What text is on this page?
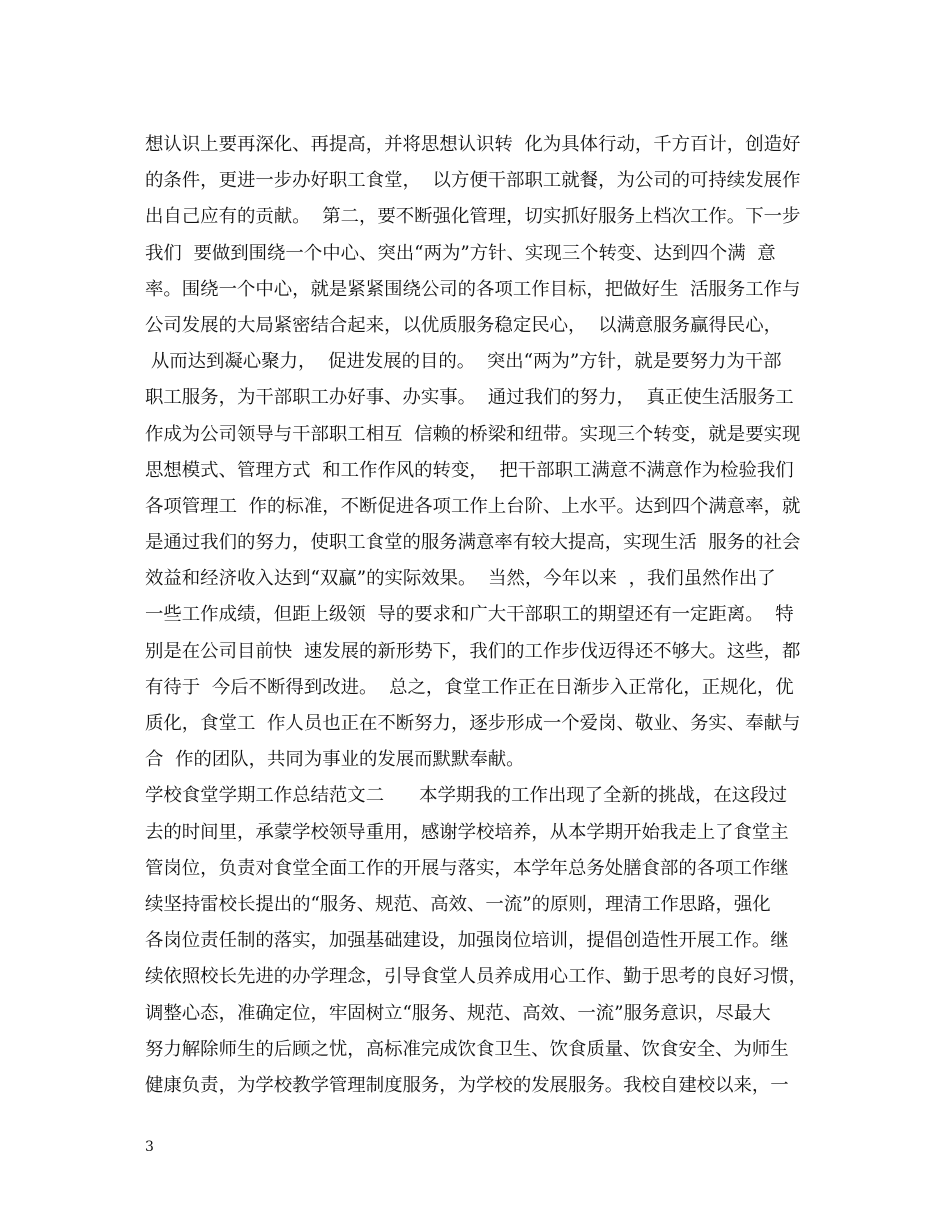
想认识上要再深化、再提高，并将思想认识转  化为具体行动，千方百计，创造好
的条件，更进一步办好职工食堂，  以方便干部职工就餐，为公司的可持续发展作
出自己应有的贡献。  第二，要不断强化管理，切实抓好服务上档次工作。下一步
我们  要做到围绕一个中心、突出“两为”方针、实现三个转变、达到四个满  意
率。围绕一个中心，就是紧紧围绕公司的各项工作目标，把做好生  活服务工作与
公司发展的大局紧密结合起来，以优质服务稳定民心，  以满意服务赢得民心，
从而达到凝心聚力，  促进发展的目的。  突出“两为”方针，就是要努力为干部
职工服务，为干部职工办好事、办实事。  通过我们的努力，  真正使生活服务工
作成为公司领导与干部职工相互  信赖的桥梁和纽带。实现三个转变，就是要实现
思想模式、管理方式  和工作作风的转变，  把干部职工满意不满意作为检验我们
各项管理工  作的标准，不断促进各项工作上台阶、上水平。达到四个满意率，就
是通过我们的努力，使职工食堂的服务满意率有较大提高，实现生活  服务的社会
效益和经济收入达到“双赢”的实际效果。  当然，今年以来  ，我们虽然作出了
一些工作成绩，但距上级领  导的要求和广大干部职工的期望还有一定距离。  特
别是在公司目前快  速发展的新形势下，我们的工作步伐迈得还不够大。这些，都
有待于  今后不断得到改进。  总之，食堂工作正在日渐步入正常化，正规化，优
质化，食堂工  作人员也正在不断努力，逐步形成一个爱岗、敬业、务实、奉献与
合  作的团队，共同为事业的发展而默默奉献。
学校食堂学期工作总结范文二      本学期我的工作出现了全新的挑战，在这段过
去的时间里，承蒙学校领导重用，感谢学校培养，从本学期开始我走上了食堂主
管岗位，负责对食堂全面工作的开展与落实，本学年总务处膳食部的各项工作继
续坚持雷校长提出的“服务、规范、高效、一流”的原则，理清工作思路，强化
各岗位责任制的落实，加强基础建设，加强岗位培训，提倡创造性开展工作。继
续依照校长先进的办学理念，引导食堂人员养成用心工作、勤于思考的良好习惯，
调整心态，准确定位，牢固树立“服务、规范、高效、一流”服务意识，尽最大
努力解除师生的后顾之忧，高标准完成饮食卫生、饮食质量、饮食安全、为师生
健康负责，为学校教学管理制度服务，为学校的发展服务。我校自建校以来，一
3
